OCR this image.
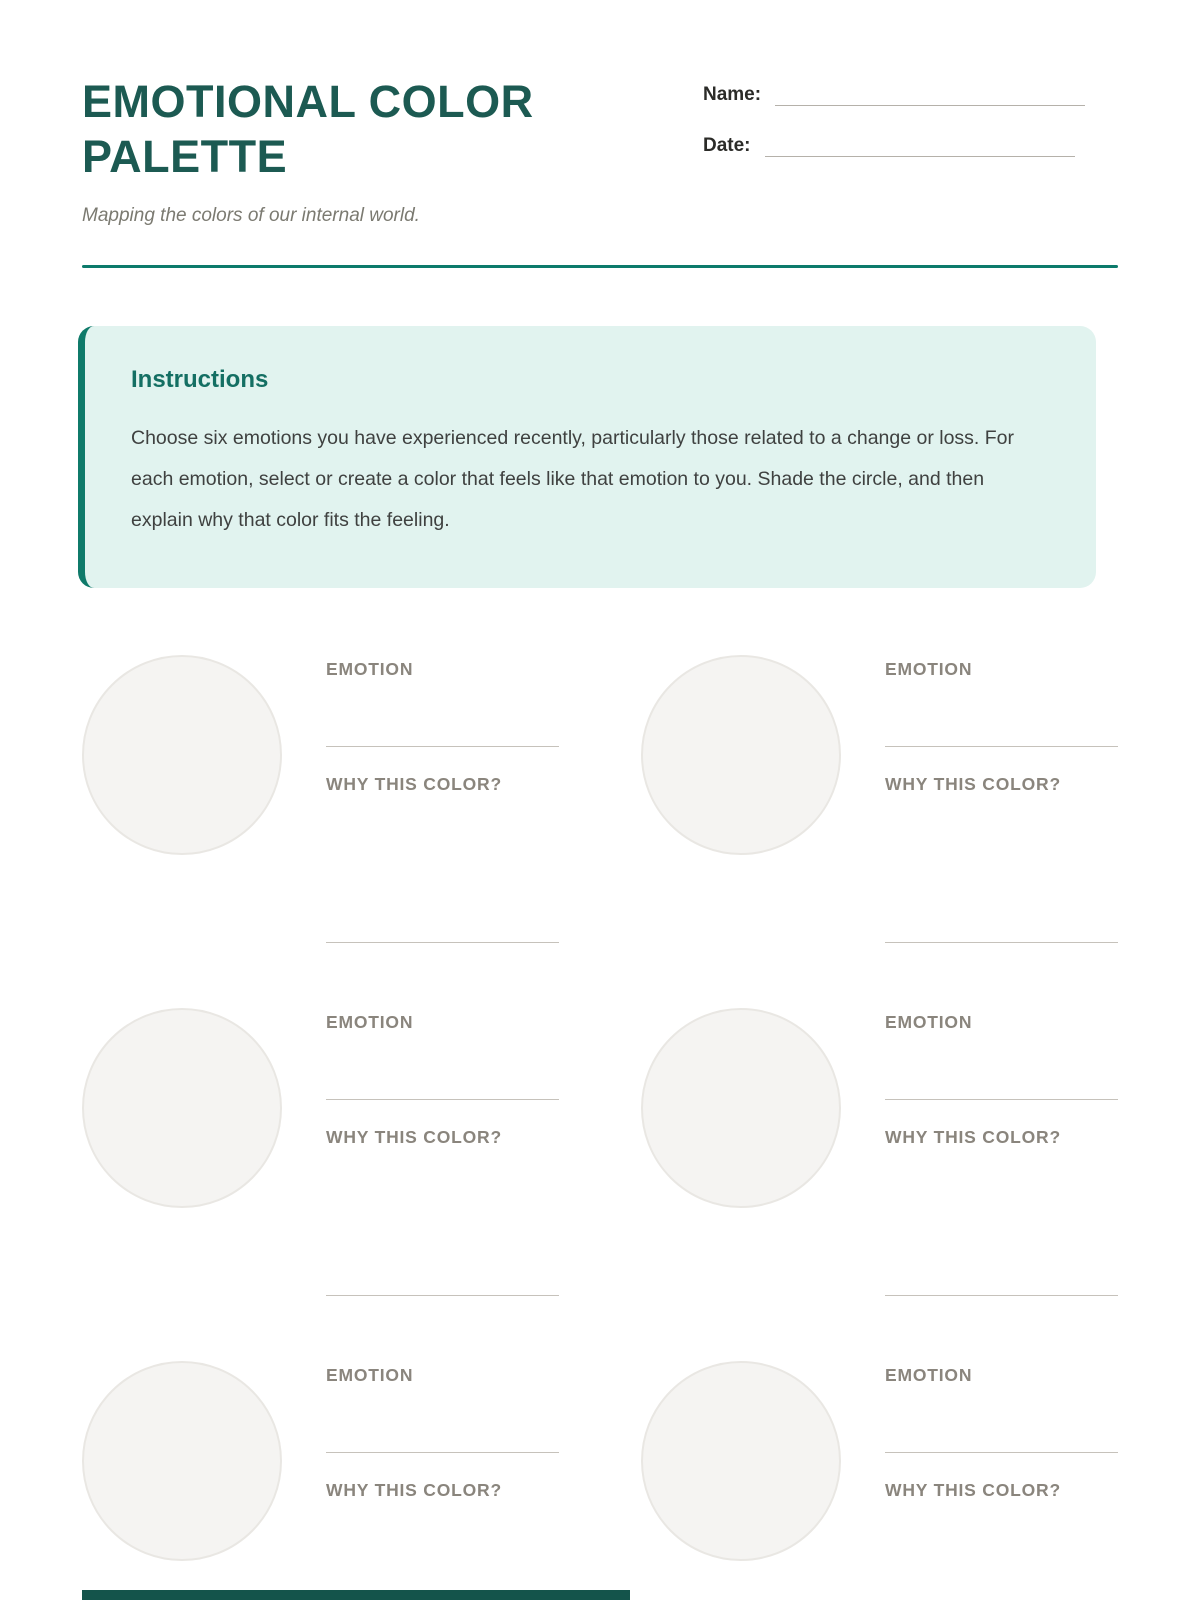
EMOTIONAL COLOR PALETTE
Name:
Date:

Mapping the colors of our internal world.

Instructions

Choose six emotions you have experienced recently, particularly those related to a change or loss. For each emotion, select or create a color that feels like that emotion to you. Shade the circle, and then explain why that color fits the feeling.

EMOTION
WHY THIS COLOR?
EMOTION
WHY THIS COLOR?
EMOTION
WHY THIS COLOR?
EMOTION
WHY THIS COLOR?
EMOTION
WHY THIS COLOR?
EMOTION
WHY THIS COLOR?
